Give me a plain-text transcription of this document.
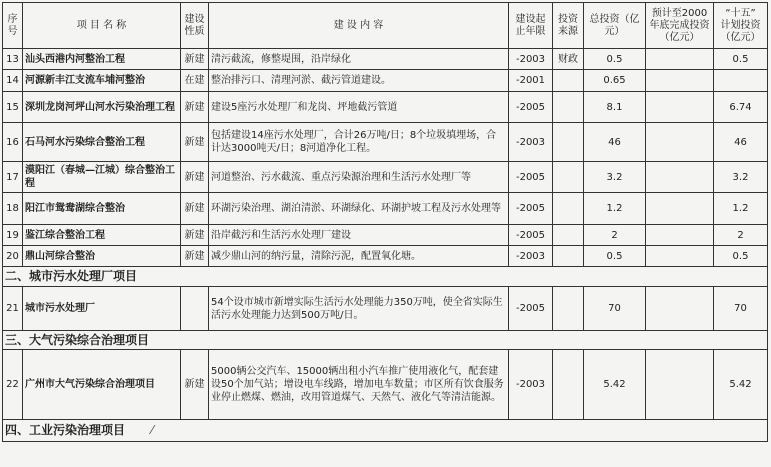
序号	项 目 名 称	建设性质	建 设 内 容	建设起止年限	投资来源	总投资（亿元）	预计至2000年底完成投资（亿元）	“十五”
计划投资（亿元）

13	汕头西港内河整治工程	新建	清污截流，修整堤围，沿岸绿化	-2003	财政	0.5		0.5
14	河源新丰江支流车埔河整治	在建	整治排污口、清理河淤、截污管道建设。	-2001		0.65		
15	深圳龙岗河坪山河水污染治理工程	新建	建设5座污水处理厂和龙岗、坪地截污管道	-2005		8.1		6.74
16	石马河水污染综合整治工程	新建	包括建设14座污水处理厂，合计26万吨/日；8个垃圾填埋场，合计达3000吨天/日；8河道净化工程。	-2003		46		46
17	漠阳江（春城—江城）综合整治工程	新建	河道整治、污水截流、重点污染源治理和生活污水处理厂等	-2005		3.2		3.2
18	阳江市鸳鸯湖综合整治	新建	环湖污染治理、湖泊清淤、环湖绿化、环湖护坡工程及污水处理等	-2005		1.2		1.2
19	鉴江综合整治工程	新建	沿岸截污和生活污水处理厂建设	-2005		2		2
20	鼎山河综合整治	新建	减少鼎山河的纳污量，清除污泥，配置氧化塘。	-2003		0.5		0.5
二、城市污水处理厂项目								
21	城市污水处理厂		54个设市城市新增实际生活污水处理能力350万吨，使全省实际生活污水处理能力达到500万吨/日。	-2005		70		70
三、大气污染综合治理项目								
22	广州市大气污染综合治理项目	新建	5000辆公交汽车、15000辆出租小汽车推广使用液化气，配套建设50个加气站；增设电车线路，增加电车数量；市区所有饮食服务业停止燃煤、燃油，改用管道煤气、天然气、液化气等清洁能源。	-2003		5.42		5.42
四、工业污染治理项目 ⁄								
